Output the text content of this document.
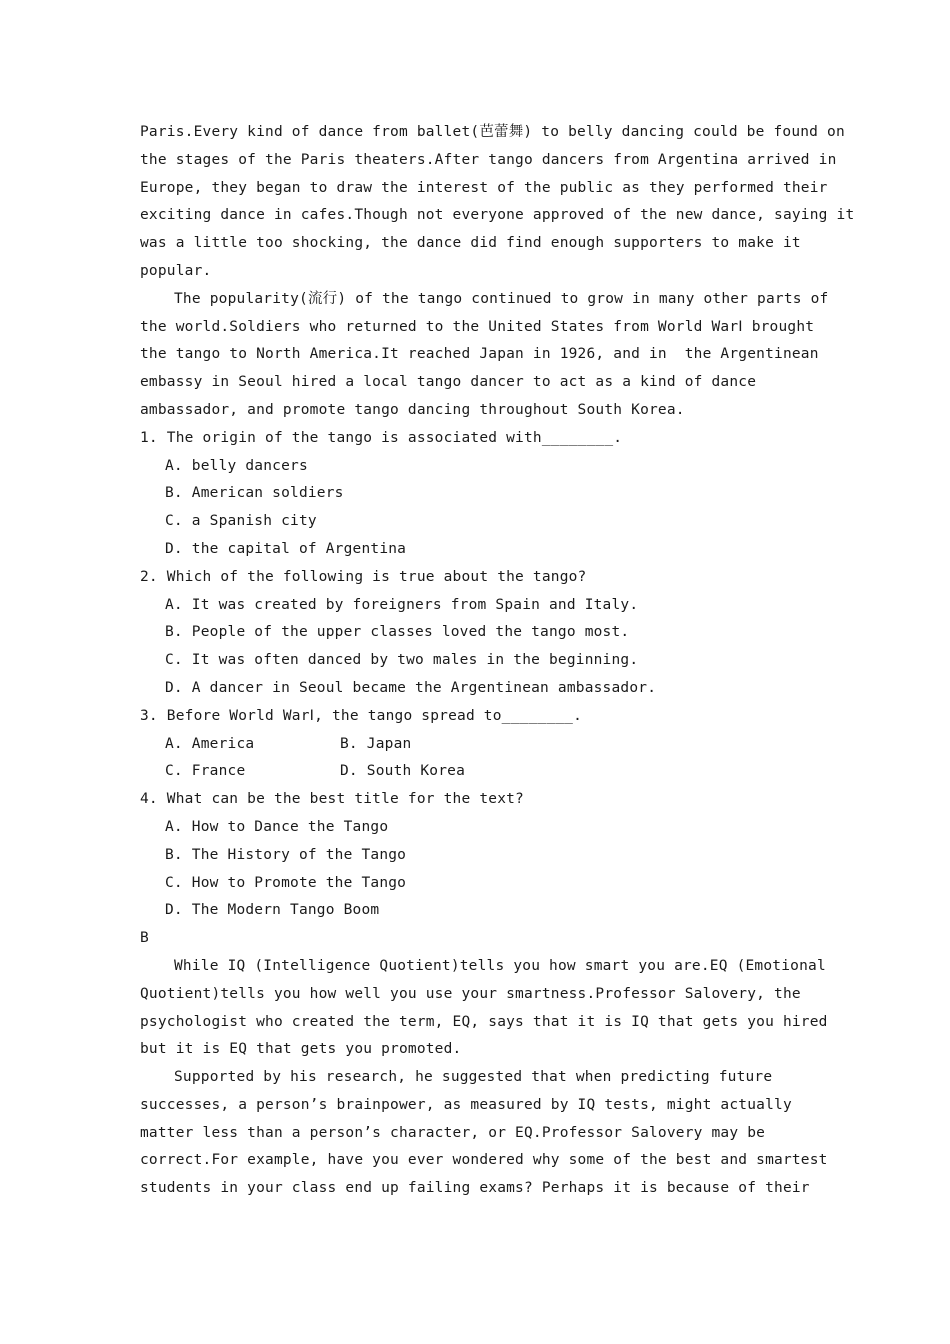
Paris.Every kind of dance from ballet(芭蕾舞) to belly dancing could be found on
the stages of the Paris theaters.After tango dancers from Argentina arrived in
Europe, they began to draw the interest of the public as they performed their
exciting dance in cafes.Though not everyone approved of the new dance, saying it
was a little too shocking, the dance did find enough supporters to make it
popular.
The popularity(流行) of the tango continued to grow in many other parts of
the world.Soldiers who returned to the United States from World WarⅠ brought
the tango to North America.It reached Japan in 1926, and in  the Argentinean
embassy in Seoul hired a local tango dancer to act as a kind of dance
ambassador, and promote tango dancing throughout South Korea.
1. The origin of the tango is associated with________.
A. belly dancers
B. American soldiers
C. a Spanish city
D. the capital of Argentina
2. Which of the following is true about the tango?
A. It was created by foreigners from Spain and Italy.
B. People of the upper classes loved the tango most.
C. It was often danced by two males in the beginning.
D. A dancer in Seoul became the Argentinean ambassador.
3. Before World WarⅠ, the tango spread to________.
A. America	B. Japan
C. France	D. South Korea
4. What can be the best title for the text?
A. How to Dance the Tango
B. The History of the Tango
C. How to Promote the Tango
D. The Modern Tango Boom
B
While IQ (Intelligence Quotient)tells you how smart you are.EQ (Emotional
Quotient)tells you how well you use your smartness.Professor Salovery, the
psychologist who created the term, EQ, says that it is IQ that gets you hired
but it is EQ that gets you promoted.
Supported by his research, he suggested that when predicting future
successes, a person’s brainpower, as measured by IQ tests, might actually
matter less than a person’s character, or EQ.Professor Salovery may be
correct.For example, have you ever wondered why some of the best and smartest
students in your class end up failing exams? Perhaps it is because of their
